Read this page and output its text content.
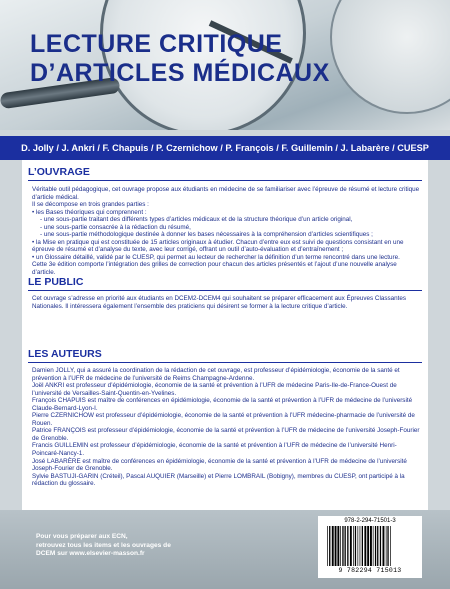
LECTURE CRITIQUE
D’ARTICLES MÉDICAUX
D. Jolly / J. Ankri / F. Chapuis / P. Czernichow / P. François / F. Guillemin / J. Labarère / CUESP
L’OUVRAGE

Véritable outil pédagogique, cet ouvrage propose aux étudiants en médecine de se familiariser avec l’épreuve de résumé et lecture critique d’article médical.

Il se décompose en trois grandes parties :

• les Bases théoriques qui comprennent :

- une sous-partie traitant des différents types d’articles médicaux et de la structure théorique d’un article original,

- une sous-partie consacrée à la rédaction du résumé,

- une sous-partie méthodologique destinée à donner les bases nécessaires à la compréhension d’articles scientifiques ;

• la Mise en pratique qui est constituée de 15 articles originaux à étudier. Chacun d’entre eux est suivi de questions consistant en une épreuve de résumé et d’analyse du texte, avec leur corrigé, offrant un outil d’auto-évaluation et d’entraînement ;

• un Glossaire détaillé, validé par le CUESP, qui permet au lecteur de rechercher la définition d’un terme rencontré dans une lecture.

Cette 3e édition comporte l’intégration des grilles de correction pour chacun des articles présentés et l’ajout d’une nouvelle analyse d’article.

LE PUBLIC

Cet ouvrage s’adresse en priorité aux étudiants en DCEM2-DCEM4 qui souhaitent se préparer efficacement aux Épreuves Classantes Nationales. Il intéressera également l’ensemble des praticiens qui désirent se former à la lecture critique d’article.

LES AUTEURS

Damien JOLLY, qui a assuré la coordination de la rédaction de cet ouvrage, est professeur d’épidémiologie, économie de la santé et prévention à l’UFR de médecine de l’université de Reims Champagne-Ardenne.

Joël ANKRI est professeur d’épidémiologie, économie de la santé et prévention à l’UFR de médecine Paris-Ile-de-France-Ouest de l’université de Versailles-Saint-Quentin-en-Yvelines.

François CHAPUIS est maître de conférences en épidémiologie, économie de la santé et prévention à l’UFR de médecine de l’université Claude-Bernard-Lyon-I.

Pierre CZERNICHOW est professeur d’épidémiologie, économie de la santé et prévention à l’UFR médecine-pharmacie de l’université de Rouen.

Patrice FRANÇOIS est professeur d’épidémiologie, économie de la santé et prévention à l’UFR de médecine de l’université Joseph-Fourier de Grenoble.

Francis GUILLEMIN est professeur d’épidémiologie, économie de la santé et prévention à l’UFR de médecine de l’université Henri-Poincaré-Nancy-1.

José LABARÈRE est maître de conférences en épidémiologie, économie de la santé et prévention à l’UFR de médecine de l’université Joseph-Fourier de Grenoble.

Sylvie BASTUJI-GARIN (Créteil), Pascal AUQUIER (Marseille) et Pierre LOMBRAIL (Bobigny), membres du CUESP, ont participé à la rédaction du glossaire.

Pour vous préparer aux ECN,
retrouvez tous les items et les ouvrages de
DCEM sur www.elsevier-masson.fr
978-2-294-71501-3
9 782294 715013
